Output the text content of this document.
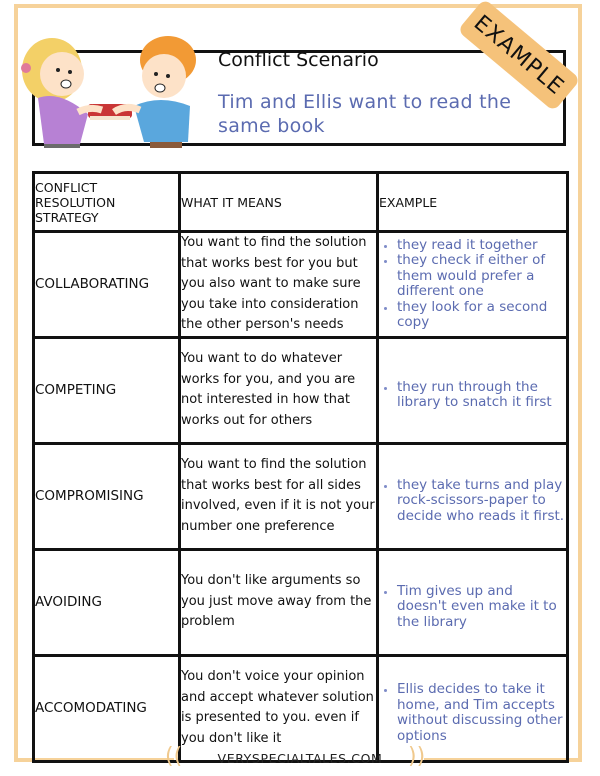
Conflict Scenario
Tim and Ellis want to read the same book
EXAMPLE
CONFLICT RESOLUTION STRATEGY	WHAT IT MEANS	EXAMPLE
COLLABORATING	You want to find the solution that works best for you but you also want to make sure you take into consideration the other person's needs	
• they read it together
• they check if either of them would prefer a different one
• they look for a second copy

COMPETING	You want to do whatever works for you, and you are not interested in how that works out for others	
• they run through the library to snatch it first

COMPROMISING	You want to find the solution that works best for all sides involved, even if it is not your number one preference	
• they take turns and play rock-scissors-paper to decide who reads it first.

AVOIDING	You don't like arguments so you just move away from the problem	
• Tim gives up and doesn't even make it to the library

ACCOMODATING	You don't voice your opinion and accept whatever solution is presented to you. even if you don't like it	
• Ellis decides to take it home, and Tim accepts without discussing other options
((	VERYSPECIALTALES.COM	))
